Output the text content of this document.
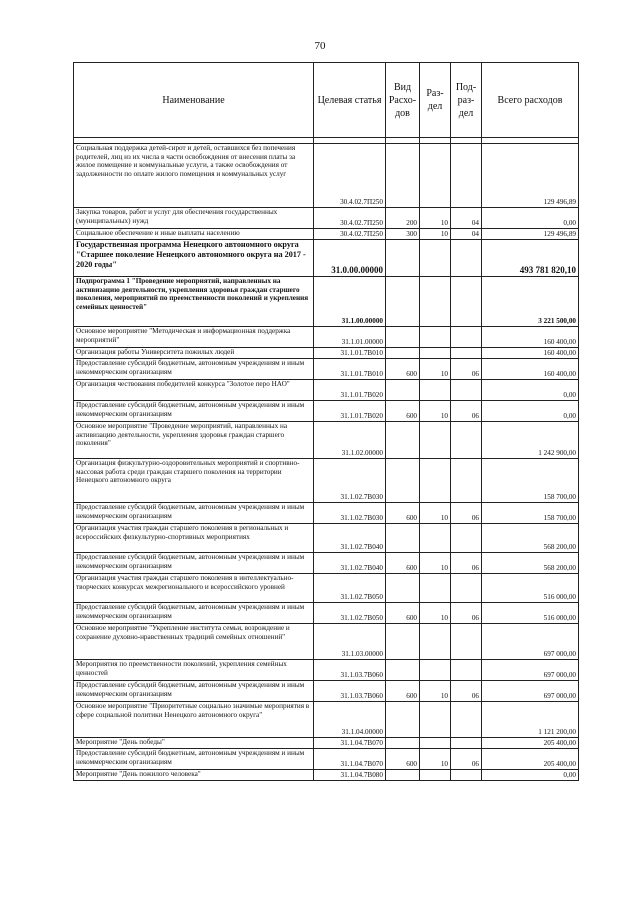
70
Наименование	Целевая статья	Вид Расхо-дов	Раз-дел	Под-раз-дел	Всего расходов

Социальная поддержка детей-сирот и детей, оставшихся без попечения родителей, лиц из их числа в части освобождения от внесения платы за жилое помещение и коммунальные услуги, а также освобождения от задолженности по оплате жилого помещения и коммунальных услуг	30.4.02.7П250				129 496,89
Закупка товаров, работ и услуг для обеспечения государственных (муниципальных) нужд	30.4.02.7П250	200	10	04	0,00
Социальное обеспечение и иные выплаты населению	30.4.02.7П250	300	10	04	129 496,89
Государственная программа Ненецкого автономного округа "Старшее поколение Ненецкого автономного округа на 2017 - 2020 годы"	31.0.00.00000				493 781 820,10
Подпрограмма 1 "Проведение мероприятий, направленных на активизацию деятельности, укрепления здоровья граждан старшего поколения, мероприятий по преемственности поколений и укрепления семейных ценностей"	31.1.00.00000				3 221 500,00
Основное мероприятие "Методическая и информационная поддержка мероприятий"	31.1.01.00000				160 400,00
Организация работы Университета пожилых людей	31.1.01.7В010				160 400,00
Предоставление субсидий бюджетным, автономным учреждениям и иным некоммерческим организациям	31.1.01.7В010	600	10	06	160 400,00
Организация чествования победителей конкурса "Золотое перо НАО"	31.1.01.7В020				0,00
Предоставление субсидий бюджетным, автономным учреждениям и иным некоммерческим организациям	31.1.01.7В020	600	10	06	0,00
Основное мероприятие "Проведение мероприятий, направленных на активизацию деятельности, укрепления здоровья граждан старшего поколения"	31.1.02.00000				1 242 900,00
Организация физкультурно-оздоровительных мероприятий и спортивно-массовая работа среди граждан старшего поколения на территории Ненецкого автономного округа	31.1.02.7В030				158 700,00
Предоставление субсидий бюджетным, автономным учреждениям и иным некоммерческим организациям	31.1.02.7В030	600	10	06	158 700,00
Организация участия граждан старшего поколения в региональных и всероссийских физкультурно-спортивных мероприятиях	31.1.02.7В040				568 200,00
Предоставление субсидий бюджетным, автономным учреждениям и иным некоммерческим организациям	31.1.02.7В040	600	10	06	568 200,00
Организация участия граждан старшего поколения в интеллектуально-творческих конкурсах межрегионального и всероссийского уровней	31.1.02.7В050				516 000,00
Предоставление субсидий бюджетным, автономным учреждениям и иным некоммерческим организациям	31.1.02.7В050	600	10	06	516 000,00
Основное мероприятие "Укрепление института семьи, возрождение и сохранение духовно-нравственных традиций семейных отношений"	31.1.03.00000				697 000,00
Мероприятия по преемственности поколений, укрепления семейных ценностей	31.1.03.7В060				697 000,00
Предоставление субсидий бюджетным, автономным учреждениям и иным некоммерческим организациям	31.1.03.7В060	600	10	06	697 000,00
Основное мероприятие "Приоритетные социально значимые мероприятия в сфере социальной политики Ненецкого автономного округа"	31.1.04.00000				1 121 200,00
Мероприятие "День победы"	31.1.04.7В070				205 400,00
Предоставление субсидий бюджетным, автономным учреждениям и иным некоммерческим организациям	31.1.04.7В070	600	10	06	205 400,00
Мероприятие "День пожилого человека"	31.1.04.7В080				0,00
